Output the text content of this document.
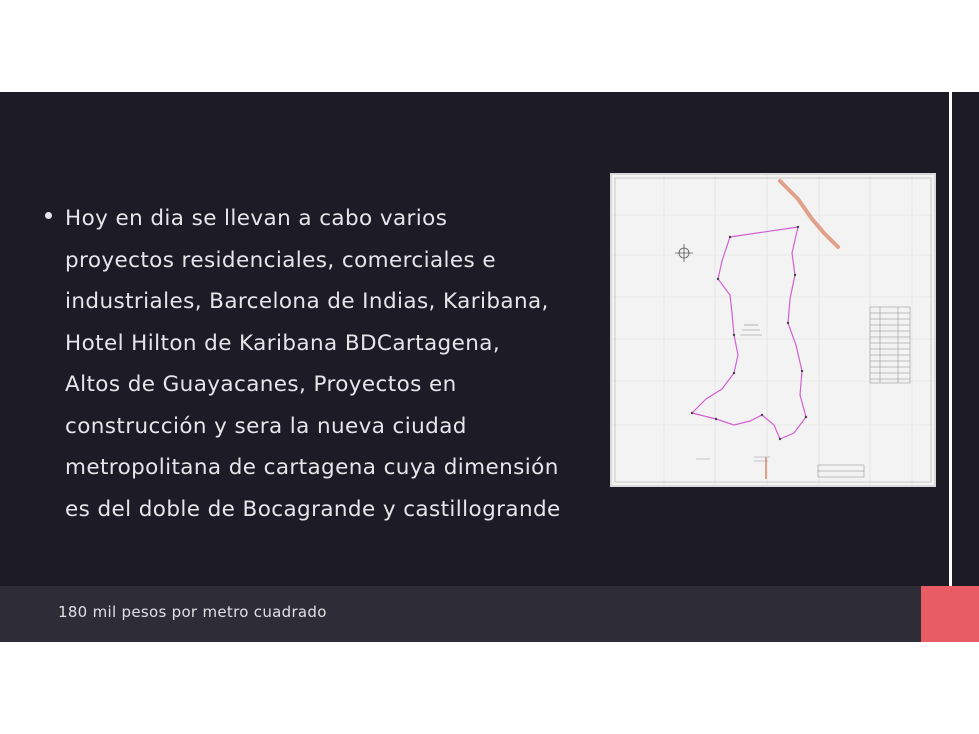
Hoy en dia se llevan a cabo varios
proyectos residenciales, comerciales e
industriales, Barcelona de Indias, Karibana,
Hotel Hilton de Karibana BDCartagena,
Altos de Guayacanes, Proyectos en
construcción y sera la nueva ciudad
metropolitana de cartagena cuya dimensión
es del doble de Bocagrande y castillogrande
180 mil pesos por metro cuadrado
